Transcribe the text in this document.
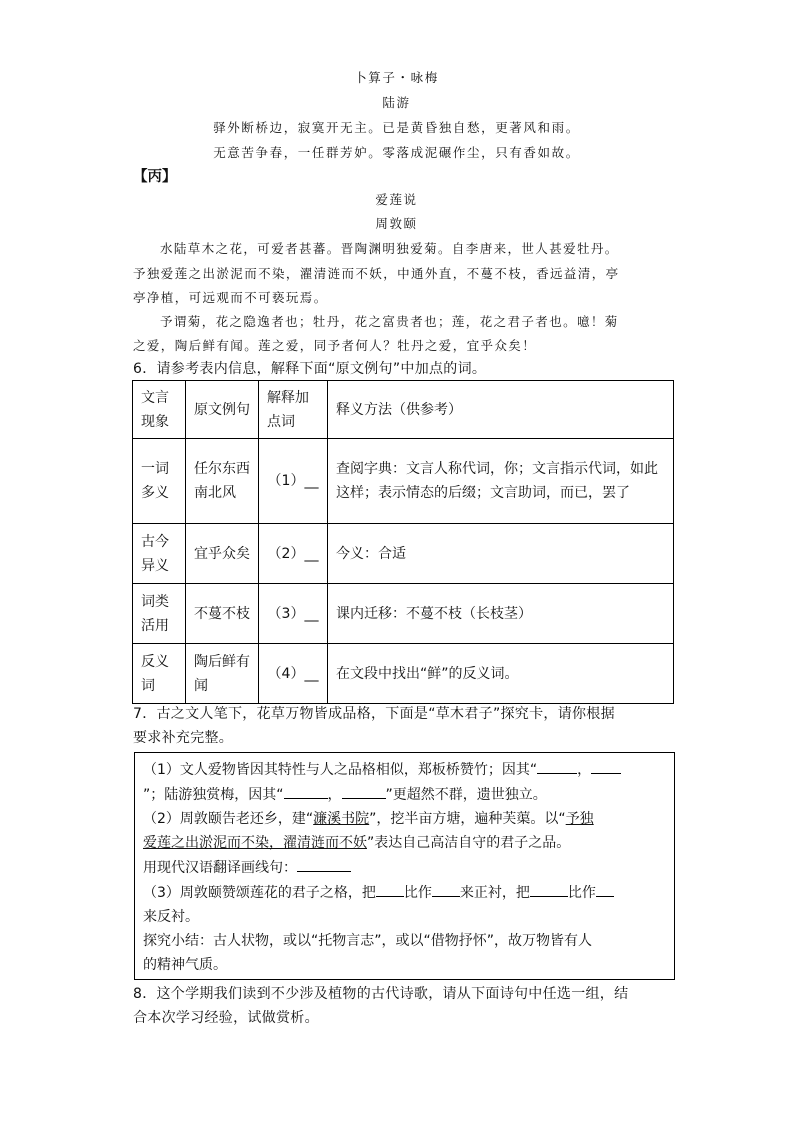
卜算子・咏梅
陆游
驿外断桥边，寂寞开无主。已是黄昏独自愁，更著风和雨。
无意苦争春，一任群芳妒。零落成泥碾作尘，只有香如故。
【丙】
爱莲说
周敦颐
水陆草木之花，可爱者甚蕃。晋陶渊明独爱菊。自李唐来，世人甚爱牡丹。
予独爱莲之出淤泥而不染，濯清涟而不妖，中通外直，不蔓不枝，香远益清，亭
亭净植，可远观而不可亵玩焉。
予谓菊，花之隐逸者也；牡丹，花之富贵者也；莲，花之君子者也。噫！菊
之爱，陶后鲜有闻。莲之爱，同予者何人？牡丹之爱，宜乎众矣！
6．请参考表内信息，解释下面“原文例句”中加点的词。
文言现象	原文例句	解释加点词	释义方法（供参考）
一词多义	任尔东西南北风	（1）__	查阅字典：文言人称代词，你；文言指示代词，如此这样；表示情态的后缀；文言助词，而已，罢了
古今异义	宜乎众矣	（2）__	今义：合适
词类活用	不蔓不枝	（3）__	课内迁移：不蔓不枝（长枝茎）
反义词	陶后鲜有闻	（4）__	在文段中找出“鲜”的反义词。
7．古之文人笔下，花草万物皆成品格，下面是“草木君子”探究卡，请你根据
要求补充完整。

（1）文人爱物皆因其特性与人之品格相似，郑板桥赞竹；因其“	，

”；陆游独赏梅，因其“	，	”更超然不群，遗世独立。

（2）周敦颐告老还乡，建“濂溪书院”，挖半亩方塘，遍种芙蕖。以“予独

爱莲之出淤泥而不染，濯清涟而不妖”表达自己高洁自守的君子之品。

用现代汉语翻译画线句：

（3）周敦颐赞颂莲花的君子之格，把 比作 来正衬，把	比作

来反衬。

探究小结：古人状物，或以“托物言志”，或以“借物抒怀”，故万物皆有人

的精神气质。

8．这个学期我们读到不少涉及植物的古代诗歌，请从下面诗句中任选一组，结
合本次学习经验，试做赏析。
